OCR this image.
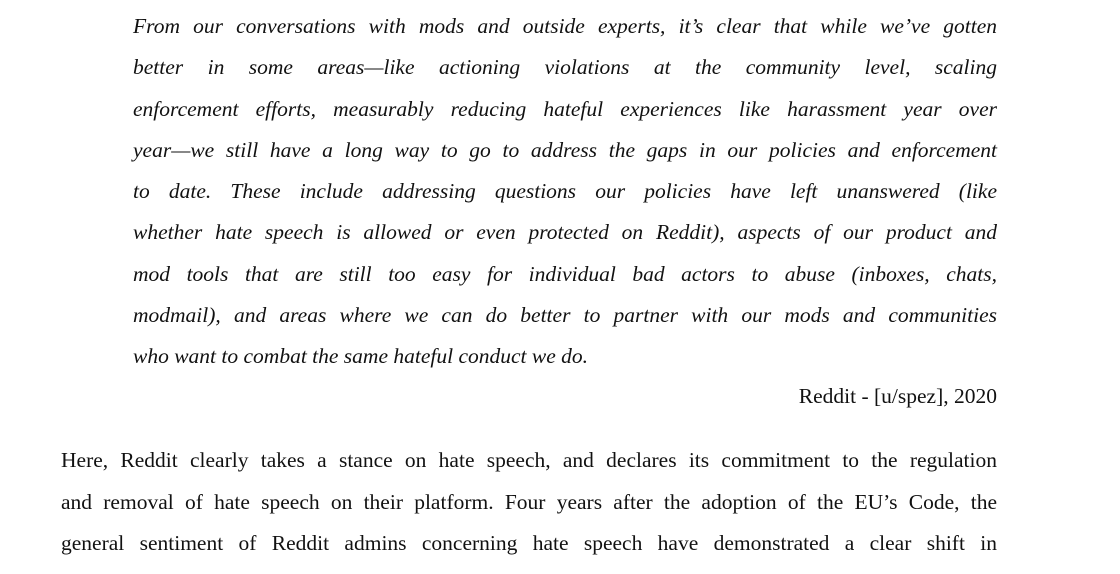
From our conversations with mods and outside experts, it’s clear that while we’ve gotten
better in some areas—like actioning violations at the community level, scaling
enforcement efforts, measurably reducing hateful experiences like harassment year over
year—we still have a long way to go to address the gaps in our policies and enforcement
to date. These include addressing questions our policies have left unanswered (like
whether hate speech is allowed or even protected on Reddit), aspects of our product and
mod tools that are still too easy for individual bad actors to abuse (inboxes, chats,
modmail), and areas where we can do better to partner with our mods and communities
who want to combat the same hateful conduct we do.
Reddit - [u/spez], 2020

Here, Reddit clearly takes a stance on hate speech, and declares its commitment to the regulation
and removal of hate speech on their platform. Four years after the adoption of the EU’s Code, the
general sentiment of Reddit admins concerning hate speech have demonstrated a clear shift in
